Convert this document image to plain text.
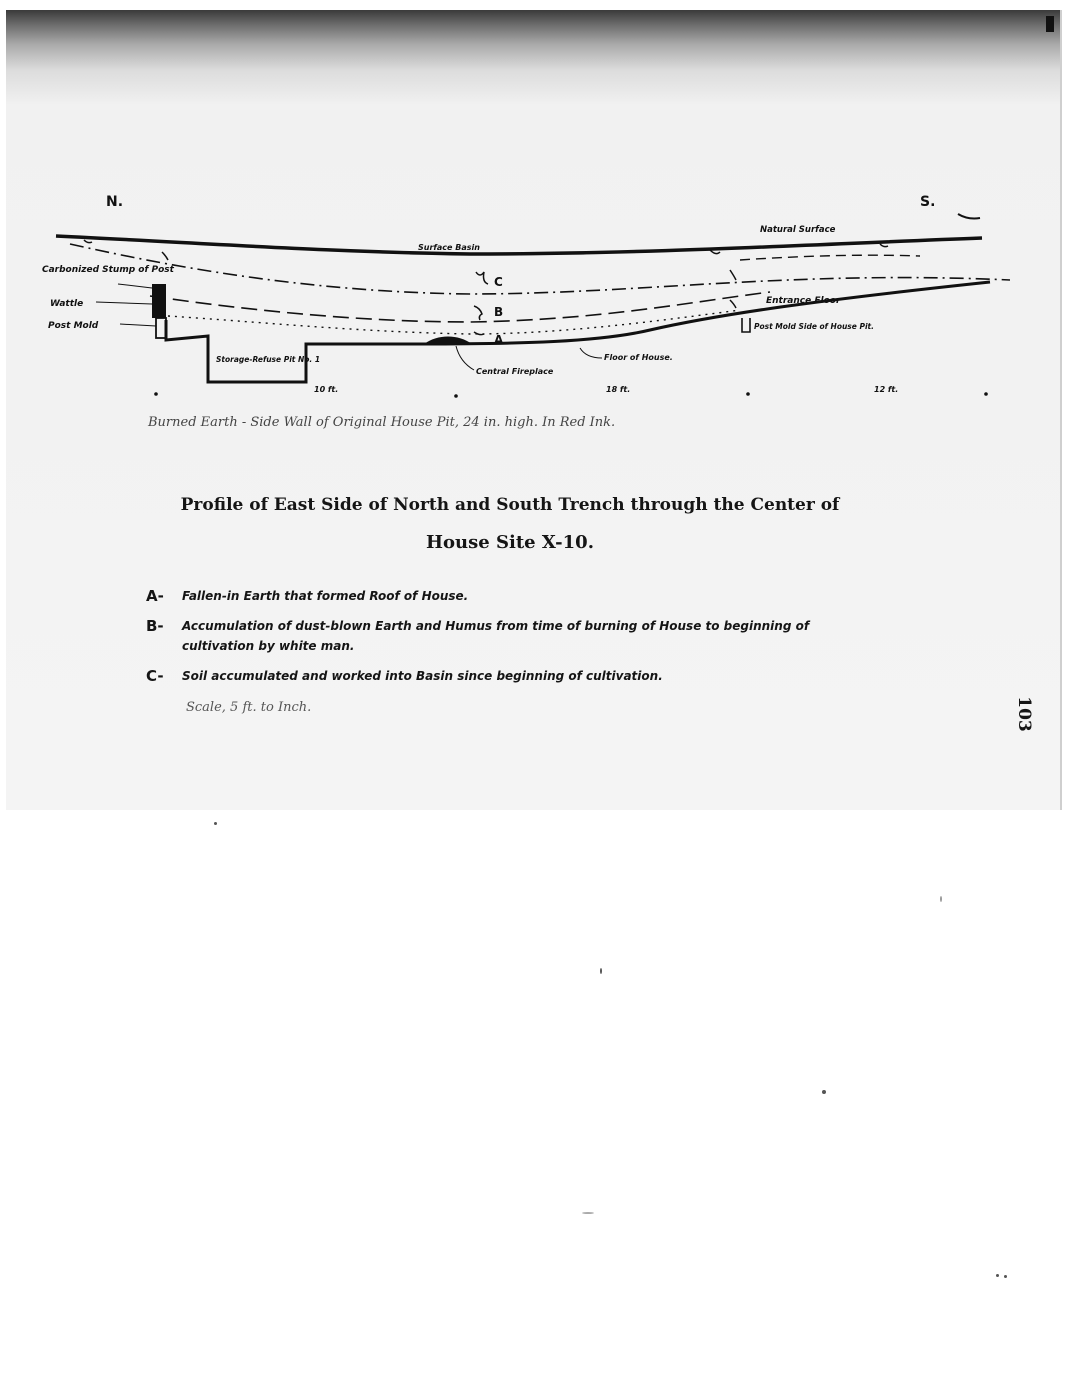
N.	S.
Natural Surface
Surface Basin
Carbonized Stump of Post
Wattle
Post Mold
Storage-Refuse Pit No. 1
C
B
A
Entrance Floor
Post Mold Side of House Pit.
Floor of House.
Central Fireplace
10 ft.	18 ft.	12 ft.
Burned Earth - Side Wall of Original House Pit, 24 in. high. In Red Ink.
Profile of East Side of North and South Trench through the Center of
House Site X-10.
A- Fallen-in Earth that formed Roof of House.
B- Accumulation of dust-blown Earth and Humus from time of burning of House to beginning of cultivation by white man.
C- Soil accumulated and worked into Basin since beginning of cultivation.
Scale, 5 ft. to Inch.	103
